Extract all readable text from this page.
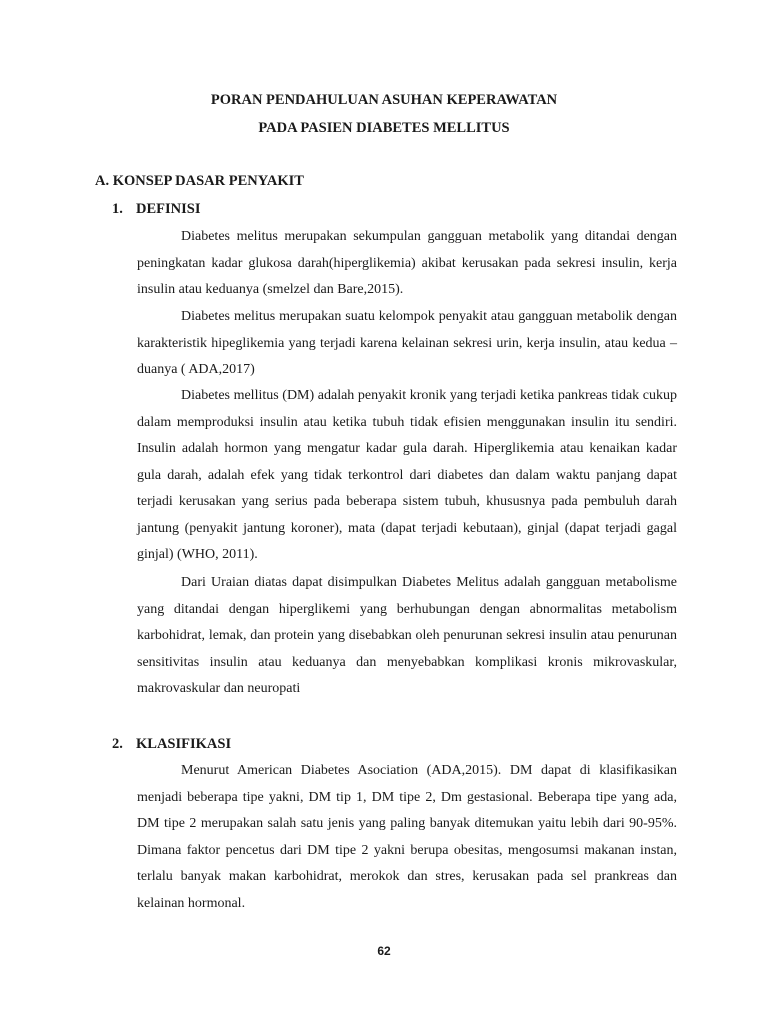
PORAN PENDAHULUAN ASUHAN KEPERAWATAN
PADA PASIEN DIABETES MELLITUS
A. KONSEP DASAR PENYAKIT
1. DEFINISI

Diabetes melitus merupakan sekumpulan gangguan metabolik yang ditandai dengan peningkatan kadar glukosa darah(hiperglikemia) akibat kerusakan pada sekresi insulin, kerja insulin atau keduanya (smelzel dan Bare,2015).

Diabetes melitus merupakan suatu kelompok penyakit atau gangguan metabolik dengan karakteristik hipeglikemia yang terjadi karena kelainan sekresi urin, kerja insulin, atau kedua – duanya ( ADA,2017)

Diabetes mellitus (DM) adalah penyakit kronik yang terjadi ketika pankreas tidak cukup dalam memproduksi insulin atau ketika tubuh tidak efisien menggunakan insulin itu sendiri. Insulin adalah hormon yang mengatur kadar gula darah. Hiperglikemia atau kenaikan kadar gula darah, adalah efek yang tidak terkontrol dari diabetes dan dalam waktu panjang dapat terjadi kerusakan yang serius pada beberapa sistem tubuh, khususnya pada pembuluh darah jantung (penyakit jantung koroner), mata (dapat terjadi kebutaan), ginjal (dapat terjadi gagal ginjal) (WHO, 2011).

Dari Uraian diatas dapat disimpulkan Diabetes Melitus adalah gangguan metabolisme yang ditandai dengan hiperglikemi yang berhubungan dengan abnormalitas metabolism karbohidrat, lemak, dan protein yang disebabkan oleh penurunan sekresi insulin atau penurunan sensitivitas insulin atau keduanya dan menyebabkan komplikasi kronis mikrovaskular, makrovaskular dan neuropati

2. KLASIFIKASI

Menurut American Diabetes Asociation (ADA,2015). DM dapat di klasifikasikan menjadi beberapa tipe yakni, DM tip 1, DM tipe 2, Dm gestasional. Beberapa tipe yang ada, DM tipe 2 merupakan salah satu jenis yang paling banyak ditemukan yaitu lebih dari 90-95%. Dimana faktor pencetus dari DM tipe 2 yakni berupa obesitas, mengosumsi makanan instan, terlalu banyak makan karbohidrat, merokok dan stres, kerusakan pada sel prankreas dan kelainan hormonal.

62
